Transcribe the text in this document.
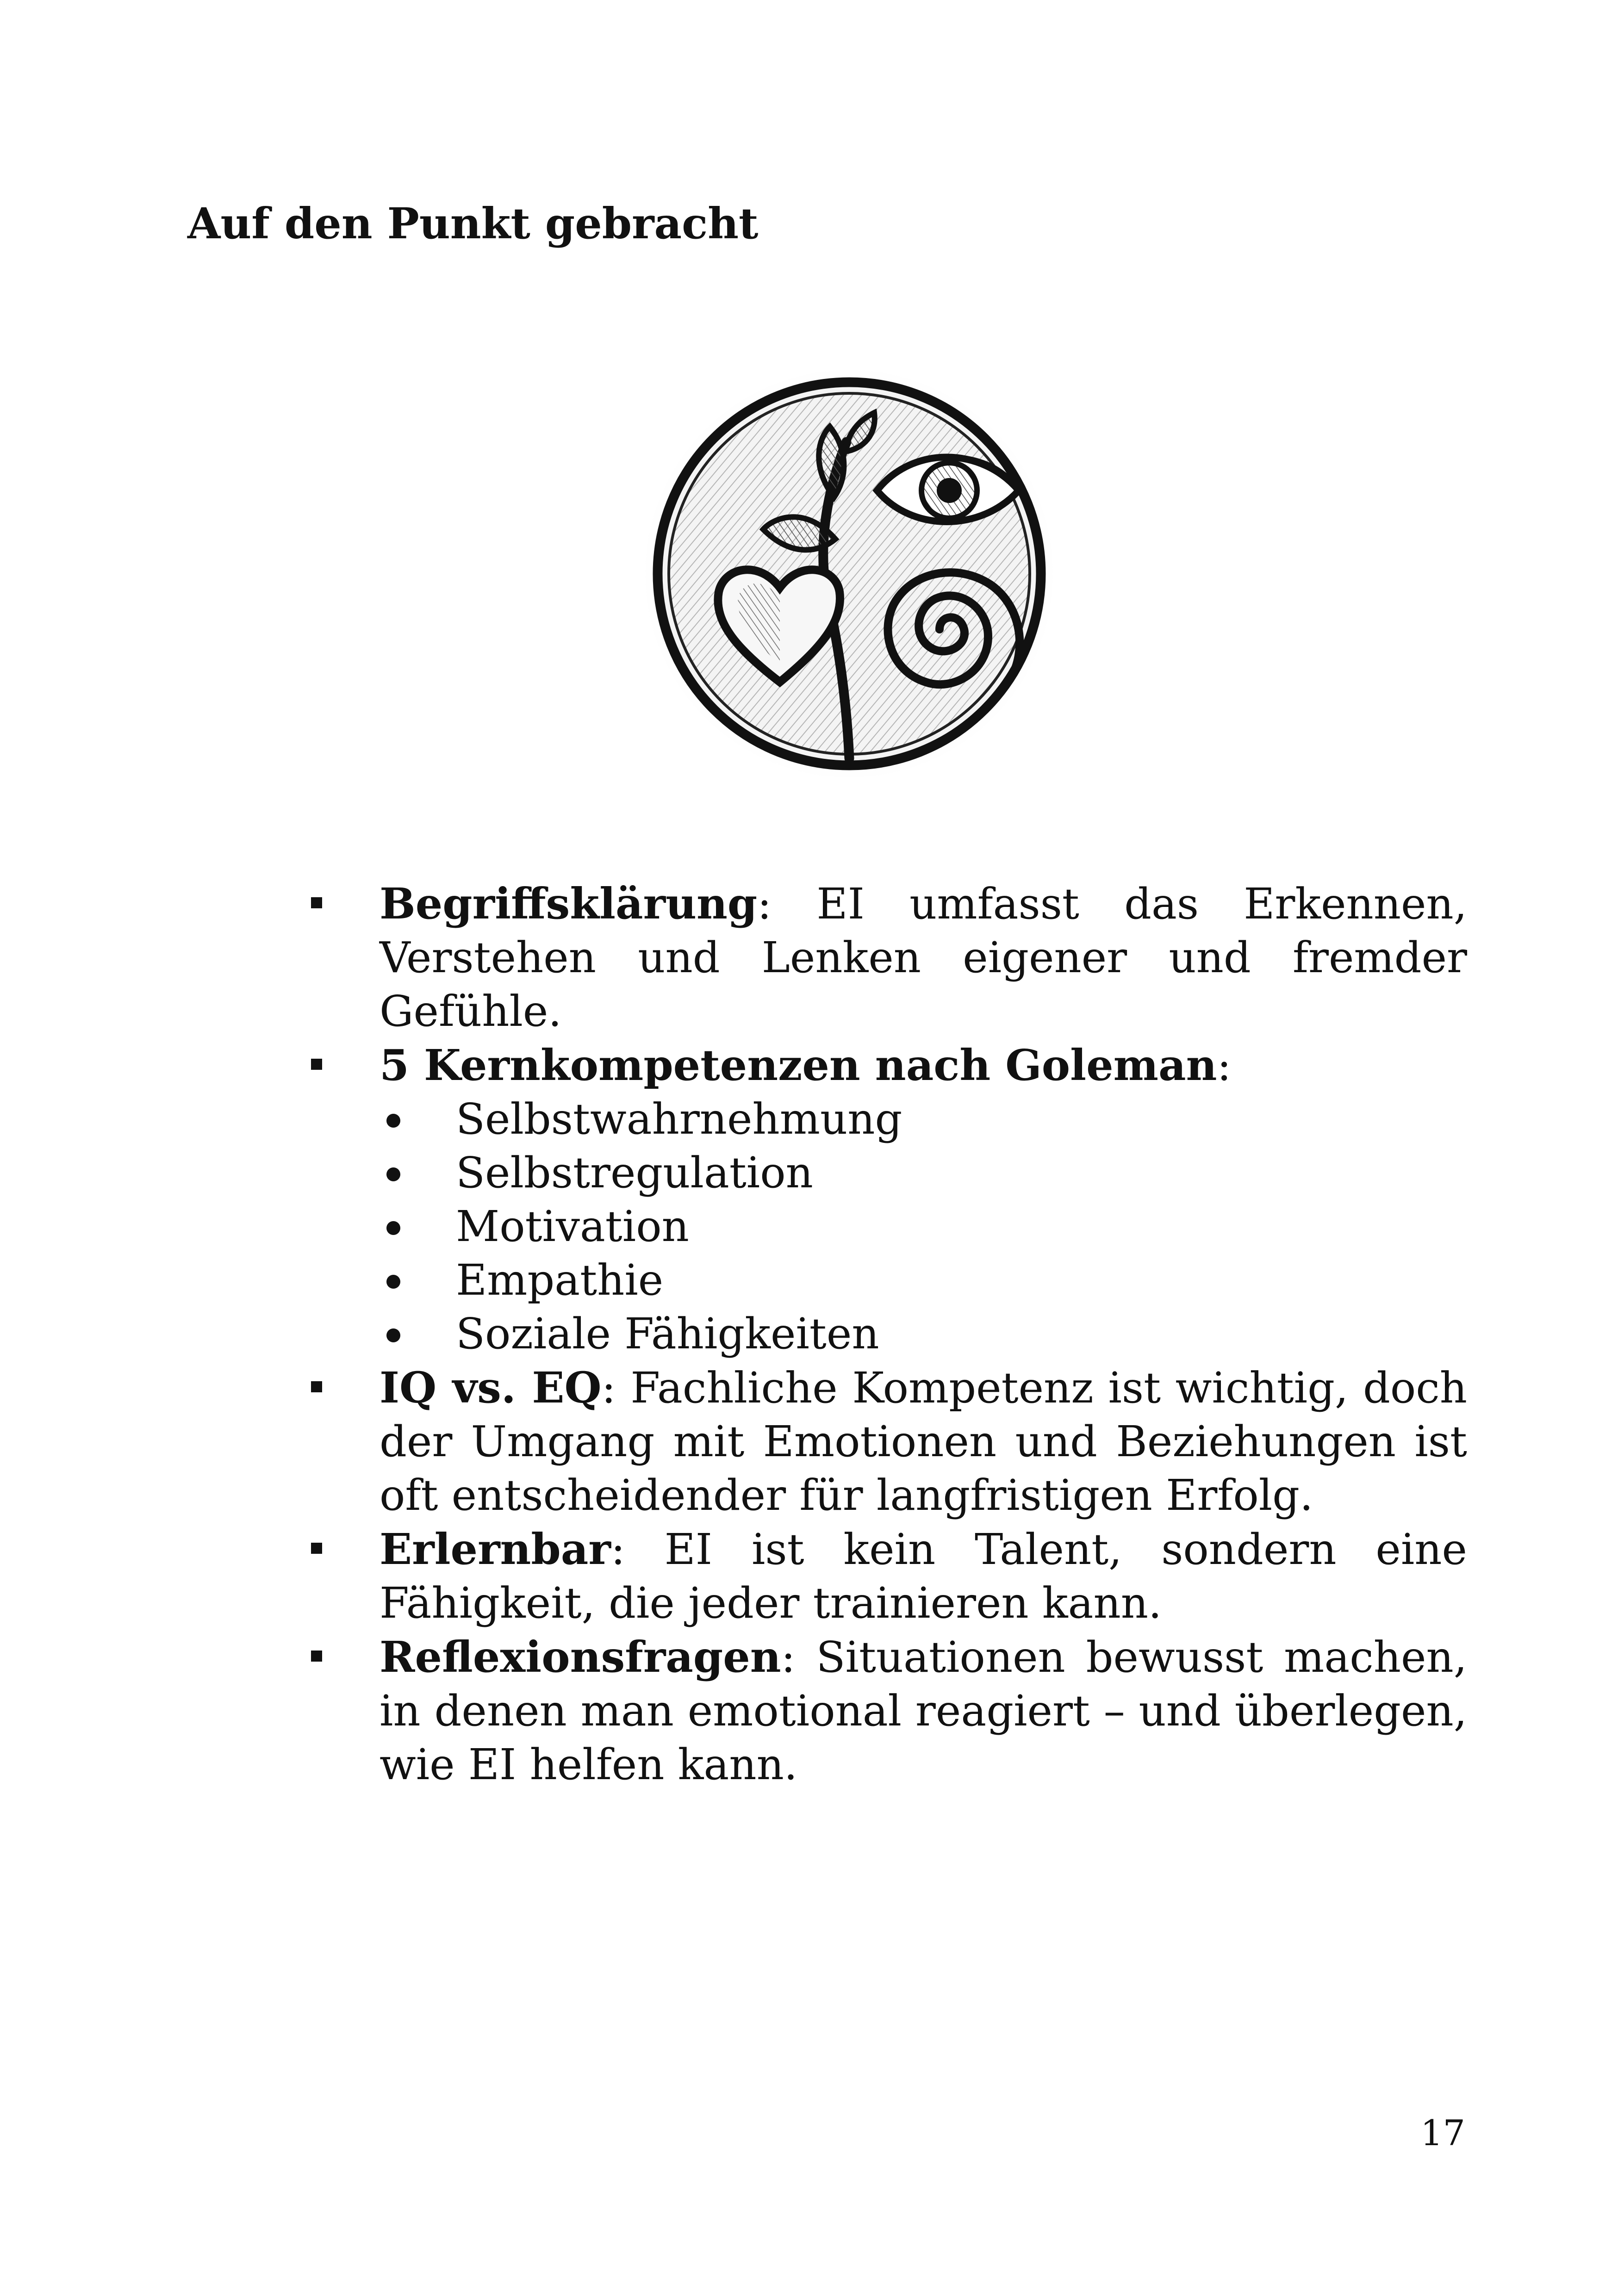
Auf den Punkt gebracht
Begriffsklärung: EI umfasst das Erkennen, Verstehen und Lenken eigener und fremder Gefühle.
5 Kernkompetenzen nach Goleman:
Selbstwahrnehmung
Selbstregulation
Motivation
Empathie
Soziale Fähigkeiten
IQ vs. EQ: Fachliche Kompetenz ist wichtig, doch der Umgang mit Emotionen und Beziehungen ist oft entscheidender für langfristigen Erfolg.
Erlernbar: EI ist kein Talent, sondern eine Fähigkeit, die jeder trainieren kann.
Reflexionsfragen: Situationen bewusst machen, in denen man emotional reagiert – und überlegen, wie EI helfen kann.
17
